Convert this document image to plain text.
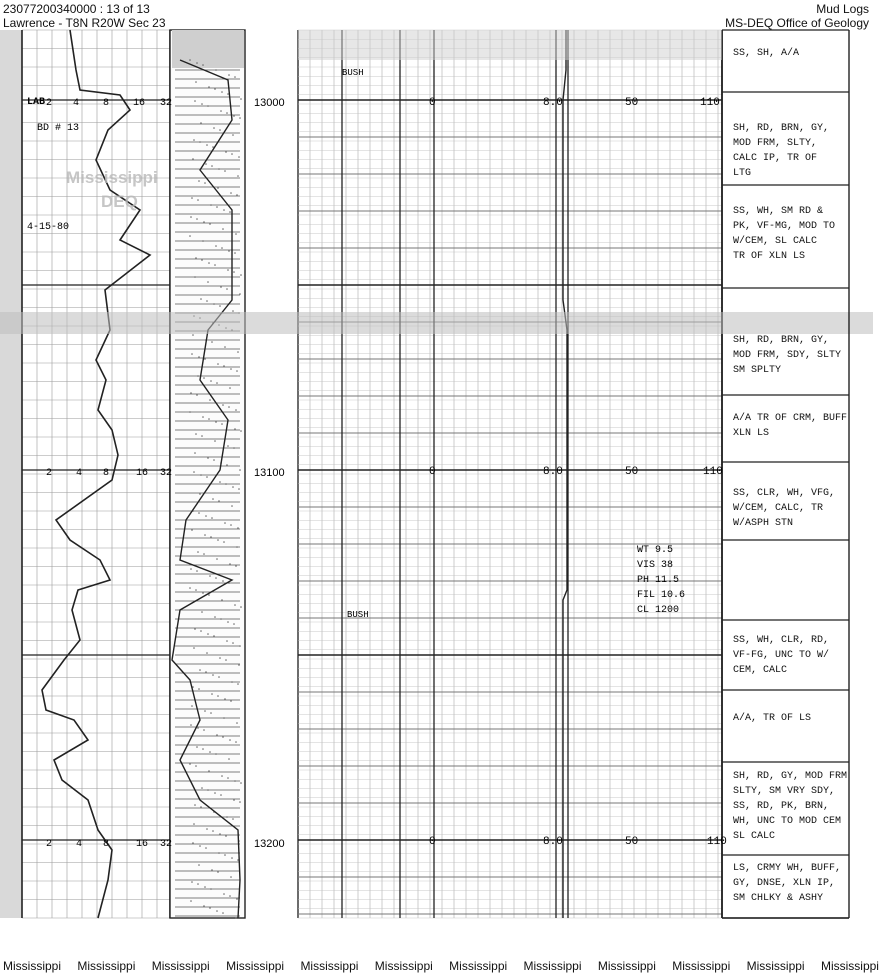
23077200340000 : 13 of 13
Lawrence - T8N R20W Sec 23
Mud Logs
MS-DEQ Office of Geology
13000
13100
13200
2 4 8 16 32
2 4 8	16 32
2 4 8	16 32
0	8.0	50	110
0	8.0	50	110
0	8.0	50	110
LAB
BD # 13
4-15-80
BUSH
BUSH
WT 9.5
VIS 38
PH 11.5
FIL 10.6
CL 1200
SS, SH, A/A
SH, RD, BRN, GY, MOD FRM, SLTY, CALC IP, TR OF LTG
SS, WH, SM RD & PK, VF-MG, MOD TO W/CEM, SL CALC TR OF XLN LS
SH, RD, BRN, GY, MOD FRM, SDY, SLTY SM SPLTY
A/A TR OF CRM, BUFF XLN LS
SS, CLR, WH, VFG, W/CEM, CALC, TR W/ASPH STN
SS, WH, CLR, RD, VF-FG, UNC TO W/ CEM, CALC
A/A, TR OF LS
SH, RD, GY, MOD FRM SLTY, SM VRY SDY, SS, RD, PK, BRN, WH, UNC TO MOD CEM SL CALC
LS, CRMY WH, BUFF, GY, DNSE, XLN IP, SM CHLKY & ASHY
Mississippi
DEQ
Mississippi Mississippi Mississippi Mississippi Mississippi Mississippi Mississippi Mississippi Mississippi Mississippi Mississippi Mississippi
